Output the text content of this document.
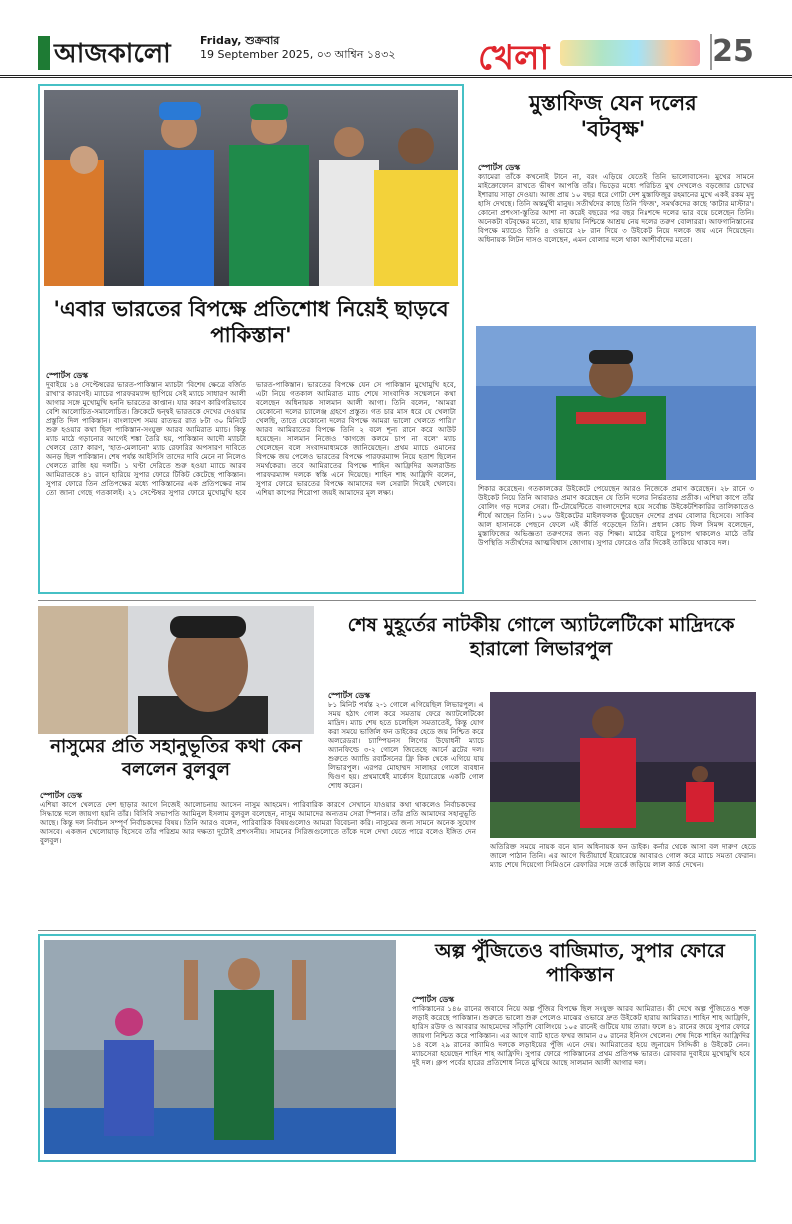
আজকালো	Friday, শুক্রবার
19 September 2025, ০৩ আশ্বিন ১৪৩২ খেলা	25
'এবার ভারতের বিপক্ষে প্রতিশোধ নিয়েই ছাড়বে পাকিস্তান'
স্পোর্টস ডেস্ক
দুবাইয়ে ১৪ সেপ্টেম্বরের ভারত-পাকিস্তান ম্যাচটা 'বিশেষ ক্ষেত্রে বর্জিত রাখা'র কারণেই। ম্যাচের পারফরম্যান্স ছাপিয়ে সেই ম্যাচে সাধারণ আলী আগার সঙ্গে মুখোমুখি হননি ভারতের কাপ্তান। যার কারণ কারিগরিভাবে বেশি আলোচিত-সমালোচিত। ক্রিকেটে দ্বন্দ্বই ভারতকে দেখের দেওয়ার প্রস্তুতি দিল পাকিস্তান। বাংলাদেশ সময় রাতভর রাত ৮টা ৩০ মিনিটে শুরু হওয়ার কথা ছিল পাকিস্তান-সংযুক্ত আরব আমিরাত ম্যাচ। কিন্তু ম্যাচ মাঠে গড়ানোর আগেই শঙ্কা তৈরি হয়, পাকিস্তান আদৌ ম্যাচটা খেলবে তো? কারণ, 'হাত-মেলানো' ম্যাচ রেফারির অপসারণ দাবিতে অনড় ছিল পাকিস্তান। শেষ পর্যন্ত আইসিসি তাদের দাবি মেনে না নিলেও খেলতে রাজি হয় দলটি। ১ ঘণ্টা দেরিতে শুরু হওয়া ম্যাচে আরব আমিরাতকে ৪১ রানে হারিয়ে সুপার ফোরে টিকিট কেটেছে পাকিস্তান। সুপার ফোরে তিন প্রতিপক্ষের মধ্যে পাকিস্তানের এক প্রতিপক্ষের নাম তো জানা গেছে গতকালই। ২১ সেপ্টেম্বর সুপার ফোরে মুখোমুখি হবে ভারত-পাকিস্তান। ভারতের বিপক্ষে যেন সে পাকিস্তান মুখোমুখি হবে, এটা নিয়ে গতকাল আমিরাত ম্যাচ শেষে সাংবাদিক সম্মেলনে কথা বলেছেন অধিনায়ক সালমান আলী আগা। তিনি বলেন, 'আমরা যেকোনো দলের চ্যালেঞ্জ গ্রহণে প্রস্তুত। গত চার মাস ধরে যে খেলাটা খেলছি, তাতে যেকোনো দলের বিপক্ষে আমরা ভালো খেলতে পারি।' আরব আমিরাতের বিপক্ষে তিনি ২ বলে শূন্য রানে করে আউট হয়েছেন। সালমান নিজেও 'কাগজে কলমে চাপ না বলে' ম্যাচ খেলেছেন বলে সংবাদমাধ্যমকে জানিয়েছেন। প্রথম ম্যাচে ওমানের বিপক্ষে জয় পেলেও ভারতের বিপক্ষে পারফরম্যান্স নিয়ে হতাশ ছিলেন সমর্থকেরা। তবে আমিরাতের বিপক্ষে শাহিন আফ্রিদির অলরাউন্ড পারফরম্যান্স দলকে স্বস্তি এনে দিয়েছে। শাহিন শাহ আফ্রিদি বলেন, সুপার ফোরে ভারতের বিপক্ষে আমাদের দল সেরাটা দিয়েই খেলবে। এশিয়া কাপের শিরোপা জয়ই আমাদের মূল লক্ষ্য।
মুস্তাফিজ যেন দলের 'বটবৃক্ষ'
স্পোর্টস ডেস্ক
ক্যামেরা তাঁকে কখনোই টানে না, বরং এড়িয়ে যেতেই তিনি ভালোবাসেন। মুখের সামনে মাইক্রোফোন রাখতে ভীষণ আপত্তি তাঁর। ভিড়ের মধ্যে পরিচিত মুখ দেখলেও বড়জোর চোখের ইশারায় সাড়া দেওয়া। আজ প্রায় ১০ বছর ধরে গোটা দেশ মুস্তাফিজুর রহমানের মুখে একই রকম মৃদু হাসি দেখছে। তিনি অন্তর্মুখী মানুষ। সতীর্থদের কাছে তিনি 'ফিজ', সমর্থকদের কাছে 'কাটার মাস্টার'। কোনো প্রশংসা-স্তুতির আশা না করেই বছরের পর বছর নিঃশব্দে দলের ভার বয়ে চলেছেন তিনি। অনেকটা বটবৃক্ষের মতো, যার ছায়ায় নিশ্চিন্তে আশ্রয় নেয় দলের তরুণ বোলাররা। আফগানিস্তানের বিপক্ষে ম্যাচেও তিনি ৪ ওভারে ২৮ রান দিয়ে ৩ উইকেট নিয়ে দলকে জয় এনে দিয়েছেন। অধিনায়ক লিটন দাসও বলেছেন, এমন বোলার দলে থাকা আশীর্বাদের মতো।
শিকার করেছেন। গতকালকের উইকেটে পেয়েছেন আরও নিজেকে প্রমাণ করেছেন। ২৮ রানে ৩ উইকেট নিয়ে তিনি আবারও প্রমাণ করেছেন যে তিনি দলের নির্ভরতার প্রতীক। এশিয়া কাপে তাঁর বোলিং গড় দলের সেরা। টি-টোয়েন্টিতে বাংলাদেশের হয়ে সর্বোচ্চ উইকেটশিকারির তালিকাতেও শীর্ষে আছেন তিনি। ১০০ উইকেটের মাইলফলক ছুঁয়েছেন দেশের প্রথম বোলার হিসেবে। সাকিব আল হাসানকে পেছনে ফেলে এই কীর্তি গড়েছেন তিনি। প্রধান কোচ ফিল সিমন্স বলেছেন, মুস্তাফিজের অভিজ্ঞতা তরুণদের জন্য বড় শিক্ষা। মাঠের বাইরে চুপচাপ থাকলেও মাঠে তাঁর উপস্থিতি সতীর্থদের আত্মবিশ্বাস জোগায়। সুপার ফোরেও তাঁর দিকেই তাকিয়ে থাকবে দল।
নাসুমের প্রতি সহানুভূতির কথা কেন বললেন বুলবুল
স্পোর্টস ডেস্ক
এশিয়া কাপে খেলতে দেশ ছাড়ার আগে নিজেই আলোচনায় আসেন নাসুম আহমেদ। পারিবারিক কারণে সেখানে যাওয়ার কথা থাকলেও নির্বাচকদের সিদ্ধান্তে দলে জায়গা হয়নি তাঁর। বিসিবি সভাপতি আমিনুল ইসলাম বুলবুল বলেছেন, নাসুম আমাদের অন্যতম সেরা স্পিনার। তাঁর প্রতি আমাদের সহানুভূতি আছে। কিন্তু দল নির্বাচন সম্পূর্ণ নির্বাচকদের বিষয়। তিনি আরও বলেন, পারিবারিক বিষয়গুলোও আমরা বিবেচনা করি। নাসুমের জন্য সামনে অনেক সুযোগ আসবে। একজন খেলোয়াড় হিসেবে তাঁর পরিশ্রম আর দক্ষতা দুটোই প্রশংসনীয়। সামনের সিরিজগুলোতে তাঁকে দলে দেখা যেতে পারে বলেও ইঙ্গিত দেন বুলবুল।
শেষ মুহূর্তের নাটকীয় গোলে অ্যাটলেটিকো মাদ্রিদকে হারালো লিভারপুল
স্পোর্টস ডেস্ক
৮১ মিনিট পর্যন্ত ২-১ গোলে এগিয়েছিল লিভারপুল। এ সময় হঠাৎ গোল করে সমতায় ফেরে অ্যাটলেটিকো মাদ্রিদ। ম্যাচ শেষ হতে চলেছিল সমতাতেই, কিন্তু যোগ করা সময়ে ভার্জিল ফন ডাইকের হেডে জয় নিশ্চিত করে অলরেডরা। চ্যাম্পিয়নস লিগের উদ্বোধনী ম্যাচে অ্যানফিল্ডে ৩-২ গোলে জিতেছে আর্নে স্লটের দল। শুরুতে অ্যান্ডি রবার্টসনের ফ্রি কিক থেকে এগিয়ে যায় লিভারপুল। এরপর মোহাম্মদ সালাহর গোলে ব্যবধান দ্বিগুণ হয়। প্রথমার্ধেই মার্কোস ইয়োরেন্তে একটি গোল শোধ করেন।
অতিরিক্ত সময়ে নায়ক বনে যান অধিনায়ক ফন ডাইক। কর্নার থেকে আসা বল দারুণ হেডে জালে পাঠান তিনি। এর আগে দ্বিতীয়ার্ধে ইয়োরেন্তে আবারও গোল করে ম্যাচে সমতা ফেরান। ম্যাচ শেষে দিয়েগো সিমিওনে রেফারির সঙ্গে তর্কে জড়িয়ে লাল কার্ড দেখেন।
অল্প পুঁজিতেও বাজিমাত, সুপার ফোরে পাকিস্তান
স্পোর্টস ডেস্ক
পাকিস্তানের ১৪৬ রানের জবাবে নিয়ে অল্প পুঁজির বিপক্ষে ছিল সংযুক্ত আরব আমিরাত। কী দেখে অল্প পুঁজিতেও শক্ত লড়াই করেছে পাকিস্তান। শুরুতে ভালো শুরু পেলেও মাঝের ওভারে দ্রুত উইকেট হারায় আমিরাত। শাহিন শাহ আফ্রিদি, হারিস রউফ ও আবরার আহমেদের সাঁড়াশি বোলিংয়ে ১০৫ রানেই গুটিয়ে যায় তারা। ফলে ৪১ রানের জয়ে সুপার ফোরে জায়গা নিশ্চিত করে পাকিস্তান। এর আগে ব্যাট হাতে ফখর জামান ৫০ রানের ইনিংস খেলেন। শেষ দিকে শাহিন আফ্রিদির ১৪ বলে ২৯ রানের ক্যামিও দলকে লড়াইয়ের পুঁজি এনে দেয়। আমিরাতের হয়ে জুনায়েদ সিদ্দিকী ৪ উইকেট নেন। ম্যাচসেরা হয়েছেন শাহিন শাহ আফ্রিদি। সুপার ফোরে পাকিস্তানের প্রথম প্রতিপক্ষ ভারত। রোববার দুবাইয়ে মুখোমুখি হবে দুই দল। গ্রুপ পর্বের হারের প্রতিশোধ নিতে মুখিয়ে আছে সালমান আলী আগার দল।
